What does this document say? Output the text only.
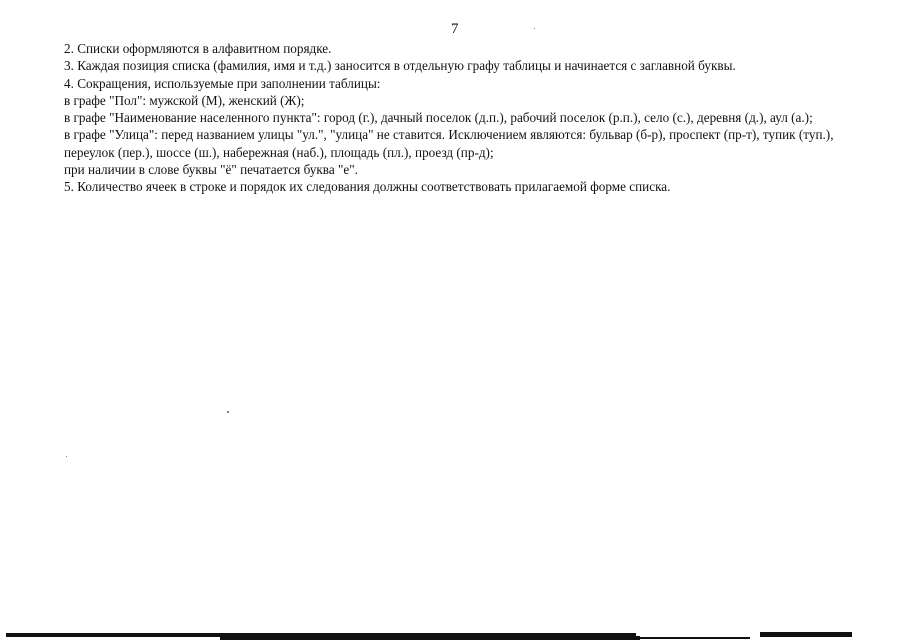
7

2. Списки оформляются в алфавитном порядке.

3. Каждая позиция списка (фамилия, имя и т.д.) заносится в отдельную графу таблицы и начинается с заглавной буквы.

4. Сокращения, используемые при заполнении таблицы:

в графе "Пол": мужской (М), женский (Ж);

в графе "Наименование населенного пункта": город (г.), дачный поселок (д.п.), рабочий поселок (р.п.), село (с.), деревня (д.), аул (а.);

в графе "Улица": перед названием улицы "ул.", "улица" не ставится. Исключением являются: бульвар (б-р), проспект (пр-т), тупик (туп.), переулок (пер.), шоссе (ш.), набережная (наб.), площадь (пл.), проезд (пр-д);

при наличии в слове буквы "ё" печатается буква "е".

5. Количество ячеек в строке и порядок их следования должны соответствовать прилагаемой форме списка.
